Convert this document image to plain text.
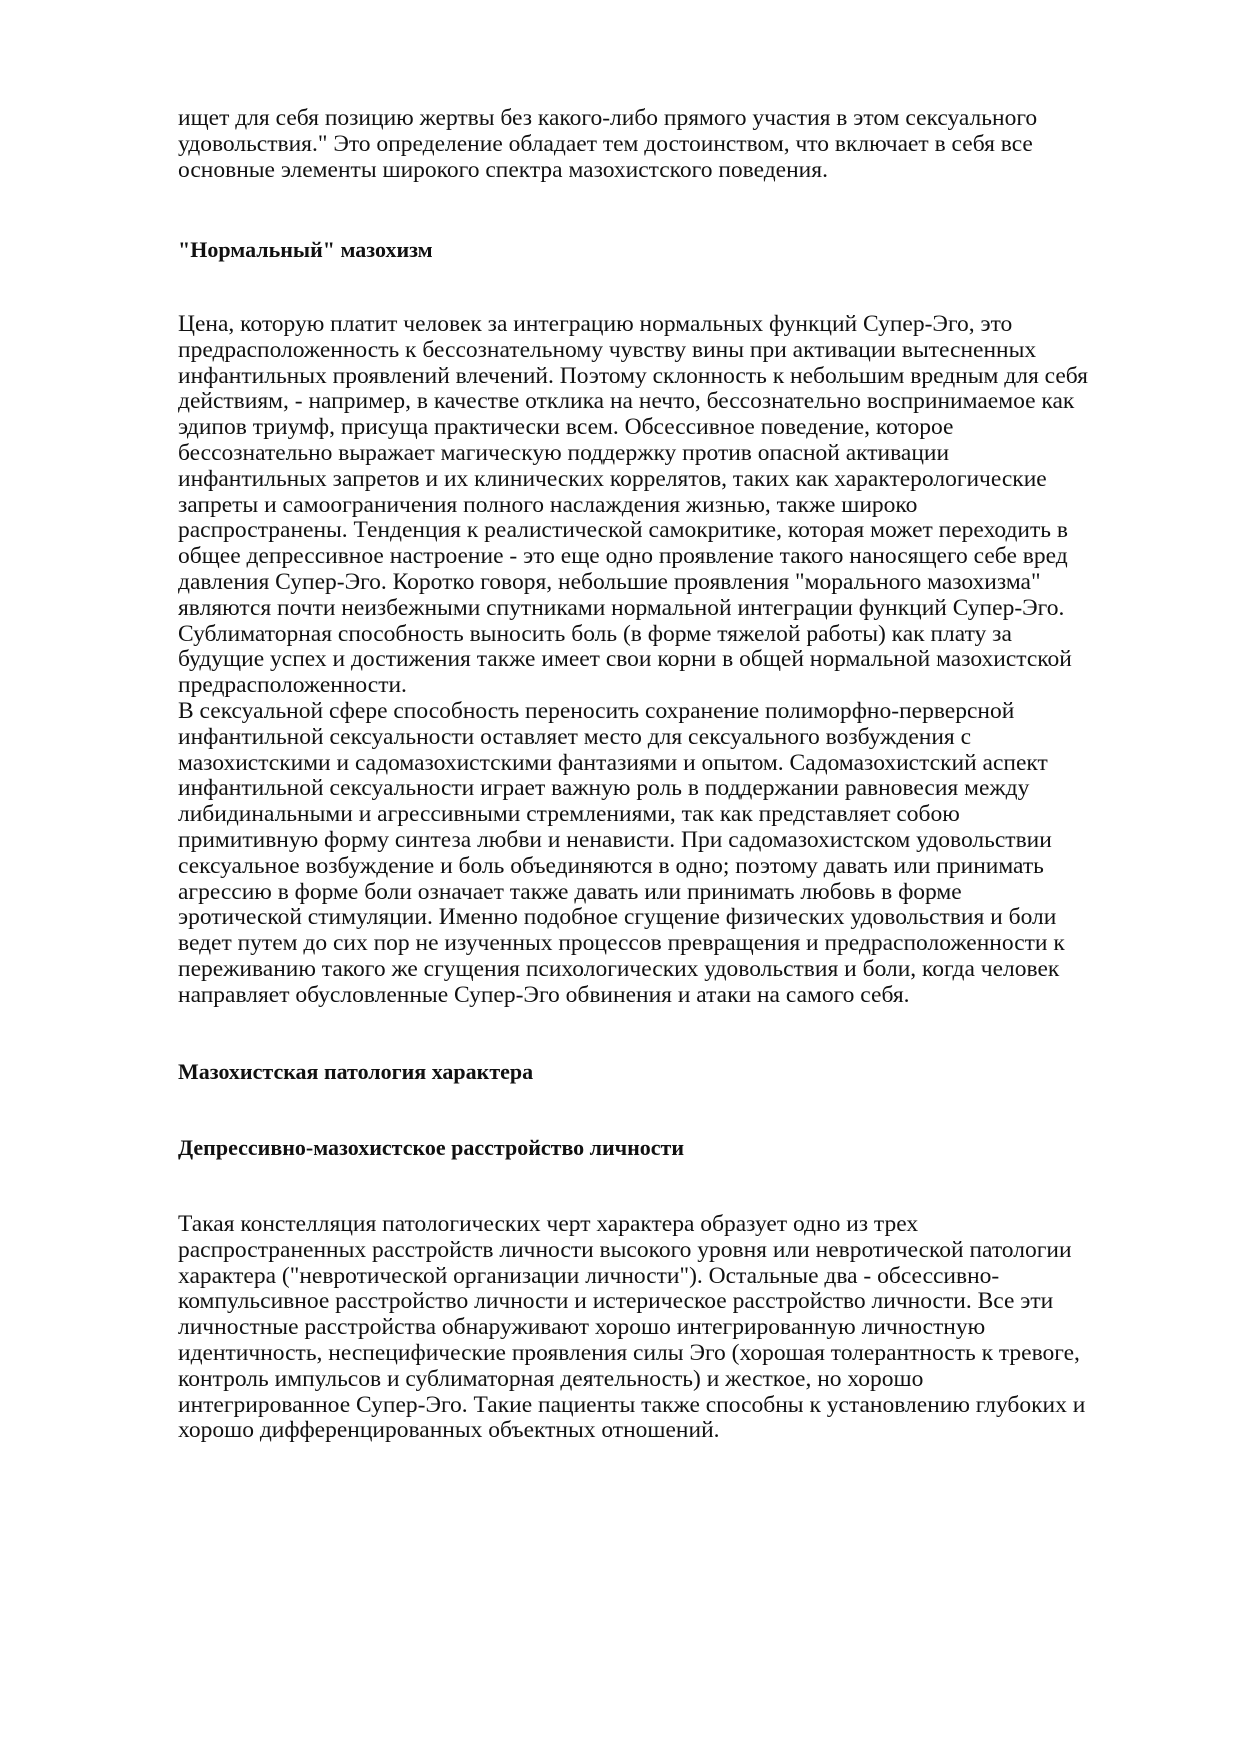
ищет для себя позицию жертвы без какого-либо прямого участия в этом сексуального
удовольствия." Это определение обладает тем достоинством, что включает в себя все
основные элементы широкого спектра мазохистского поведения.
"Нормальный" мазохизм
Цена, которую платит человек за интеграцию нормальных функций Супер-Эго, это
предрасположенность к бессознательному чувству вины при активации вытесненных
инфантильных проявлений влечений. Поэтому склонность к небольшим вредным для себя
действиям, - например, в качестве отклика на нечто, бессознательно воспринимаемое как
эдипов триумф, присуща практически всем. Обсессивное поведение, которое
бессознательно выражает магическую поддержку против опасной активации
инфантильных запретов и их клинических коррелятов, таких как характерологические
запреты и самоограничения полного наслаждения жизнью, также широко
распространены. Тенденция к реалистической самокритике, которая может переходить в
общее депрессивное настроение - это еще одно проявление такого наносящего себе вред
давления Супер-Эго. Коротко говоря, небольшие проявления "морального мазохизма"
являются почти неизбежными спутниками нормальной интеграции функций Супер-Эго.
Сублиматорная способность выносить боль (в форме тяжелой работы) как плату за
будущие успех и достижения также имеет свои корни в общей нормальной мазохистской
предрасположенности.
В сексуальной сфере способность переносить сохранение полиморфно-перверсной
инфантильной сексуальности оставляет место для сексуального возбуждения с
мазохистскими и садомазохистскими фантазиями и опытом. Садомазохистский аспект
инфантильной сексуальности играет важную роль в поддержании равновесия между
либидинальными и агрессивными стремлениями, так как представляет собою
примитивную форму синтеза любви и ненависти. При садомазохистском удовольствии
сексуальное возбуждение и боль объединяются в одно; поэтому давать или принимать
агрессию в форме боли означает также давать или принимать любовь в форме
эротической стимуляции. Именно подобное сгущение физических удовольствия и боли
ведет путем до сих пор не изученных процессов превращения и предрасположенности к
переживанию такого же сгущения психологических удовольствия и боли, когда человек
направляет обусловленные Супер-Эго обвинения и атаки на самого себя.
Мазохистская патология характера
Депрессивно-мазохистское расстройство личности
Такая констелляция патологических черт характера образует одно из трех
распространенных расстройств личности высокого уровня или невротической патологии
характера ("невротической организации личности"). Остальные два - обсессивно-
компульсивное расстройство личности и истерическое расстройство личности. Все эти
личностные расстройства обнаруживают хорошо интегрированную личностную
идентичность, неспецифические проявления силы Эго (хорошая толерантность к тревоге,
контроль импульсов и сублиматорная деятельность) и жесткое, но хорошо
интегрированное Супер-Эго. Такие пациенты также способны к установлению глубоких и
хорошо дифференцированных объектных отношений.
